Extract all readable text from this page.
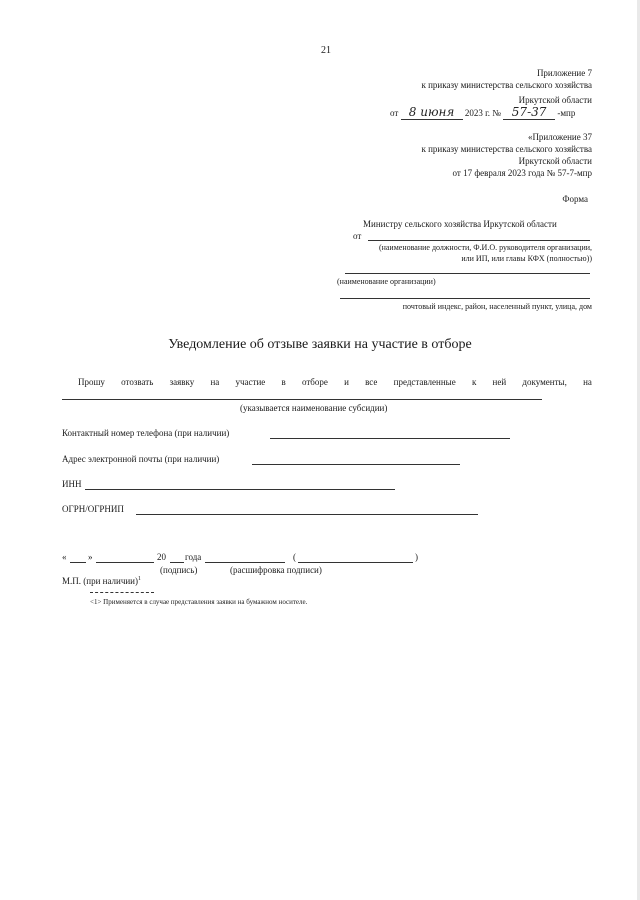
21
Приложение 7
к приказу министерства сельского хозяйства
Иркутской области
от 8 июня 2023 г. № 57-37 -мпр
«Приложение 37
к приказу министерства сельского хозяйства
Иркутской области
от 17 февраля 2023 года № 57-7-мпр
Форма
Министру сельского хозяйства Иркутской области
от
(наименование должности, Ф.И.О. руководителя организации,
или ИП, или главы КФХ (полностью))
(наименование организации)
почтовый индекс, район, населенный пункт, улица, дом
Уведомление об отзыве заявки на участие в отборе
Прошу отозвать заявку на участие в отборе и все представленные к ней документы, на
(указывается наименование субсидии)
Контактный номер телефона (при наличии)
Адрес электронной почты (при наличии)
ИНН
ОГРН/ОГРНИП
« »	20 года	(	)
(подпись)	(расшифровка подписи)
М.П. (при наличии)$^1$
<1> Применяется в случае представления заявки на бумажном носителе.
